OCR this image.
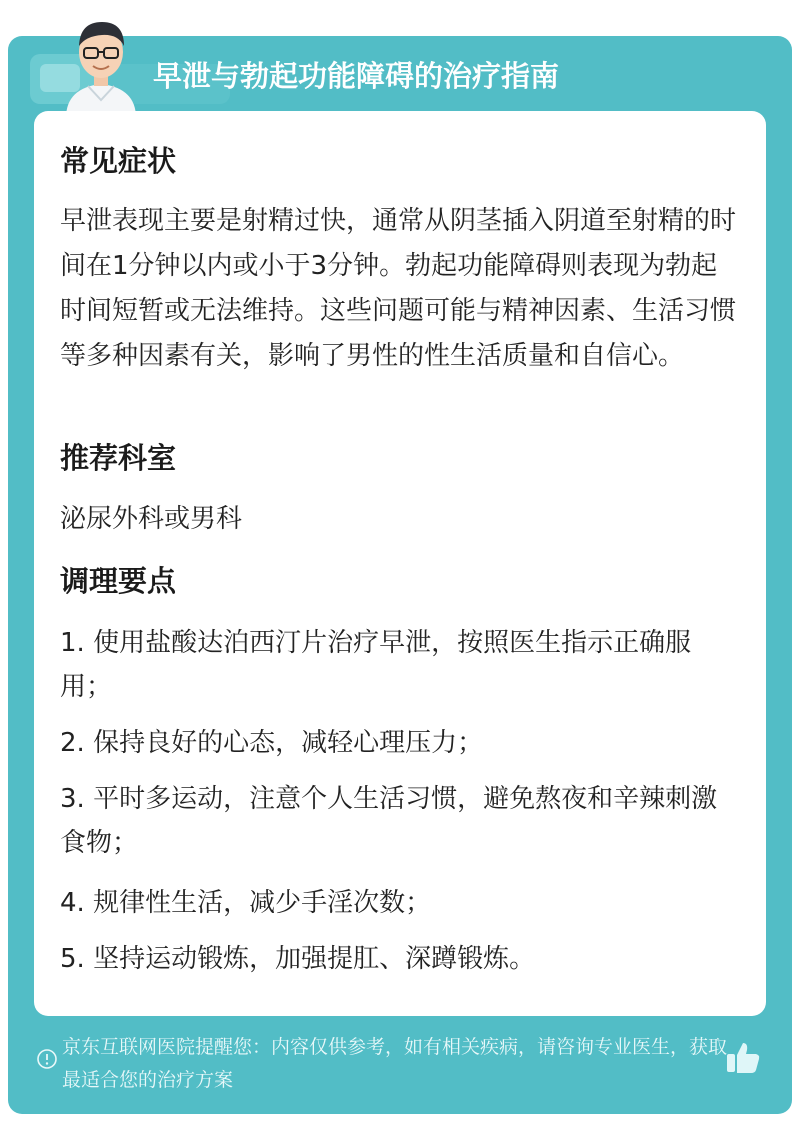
早泄与勃起功能障碍的治疗指南
常见症状
早泄表现主要是射精过快，通常从阴茎插入阴道至射精的时间在1分钟以内或小于3分钟。勃起功能障碍则表现为勃起时间短暂或无法维持。这些问题可能与精神因素、生活习惯等多种因素有关，影响了男性的性生活质量和自信心。
推荐科室
泌尿外科或男科
调理要点
1. 使用盐酸达泊西汀片治疗早泄，按照医生指示正确服用；
2. 保持良好的心态，减轻心理压力；
3. 平时多运动，注意个人生活习惯，避免熬夜和辛辣刺激食物；
4. 规律性生活，减少手淫次数；
5. 坚持运动锻炼，加强提肛、深蹲锻炼。
京东互联网医院提醒您：内容仅供参考，如有相关疾病，请咨询专业医生，获取最适合您的治疗方案
